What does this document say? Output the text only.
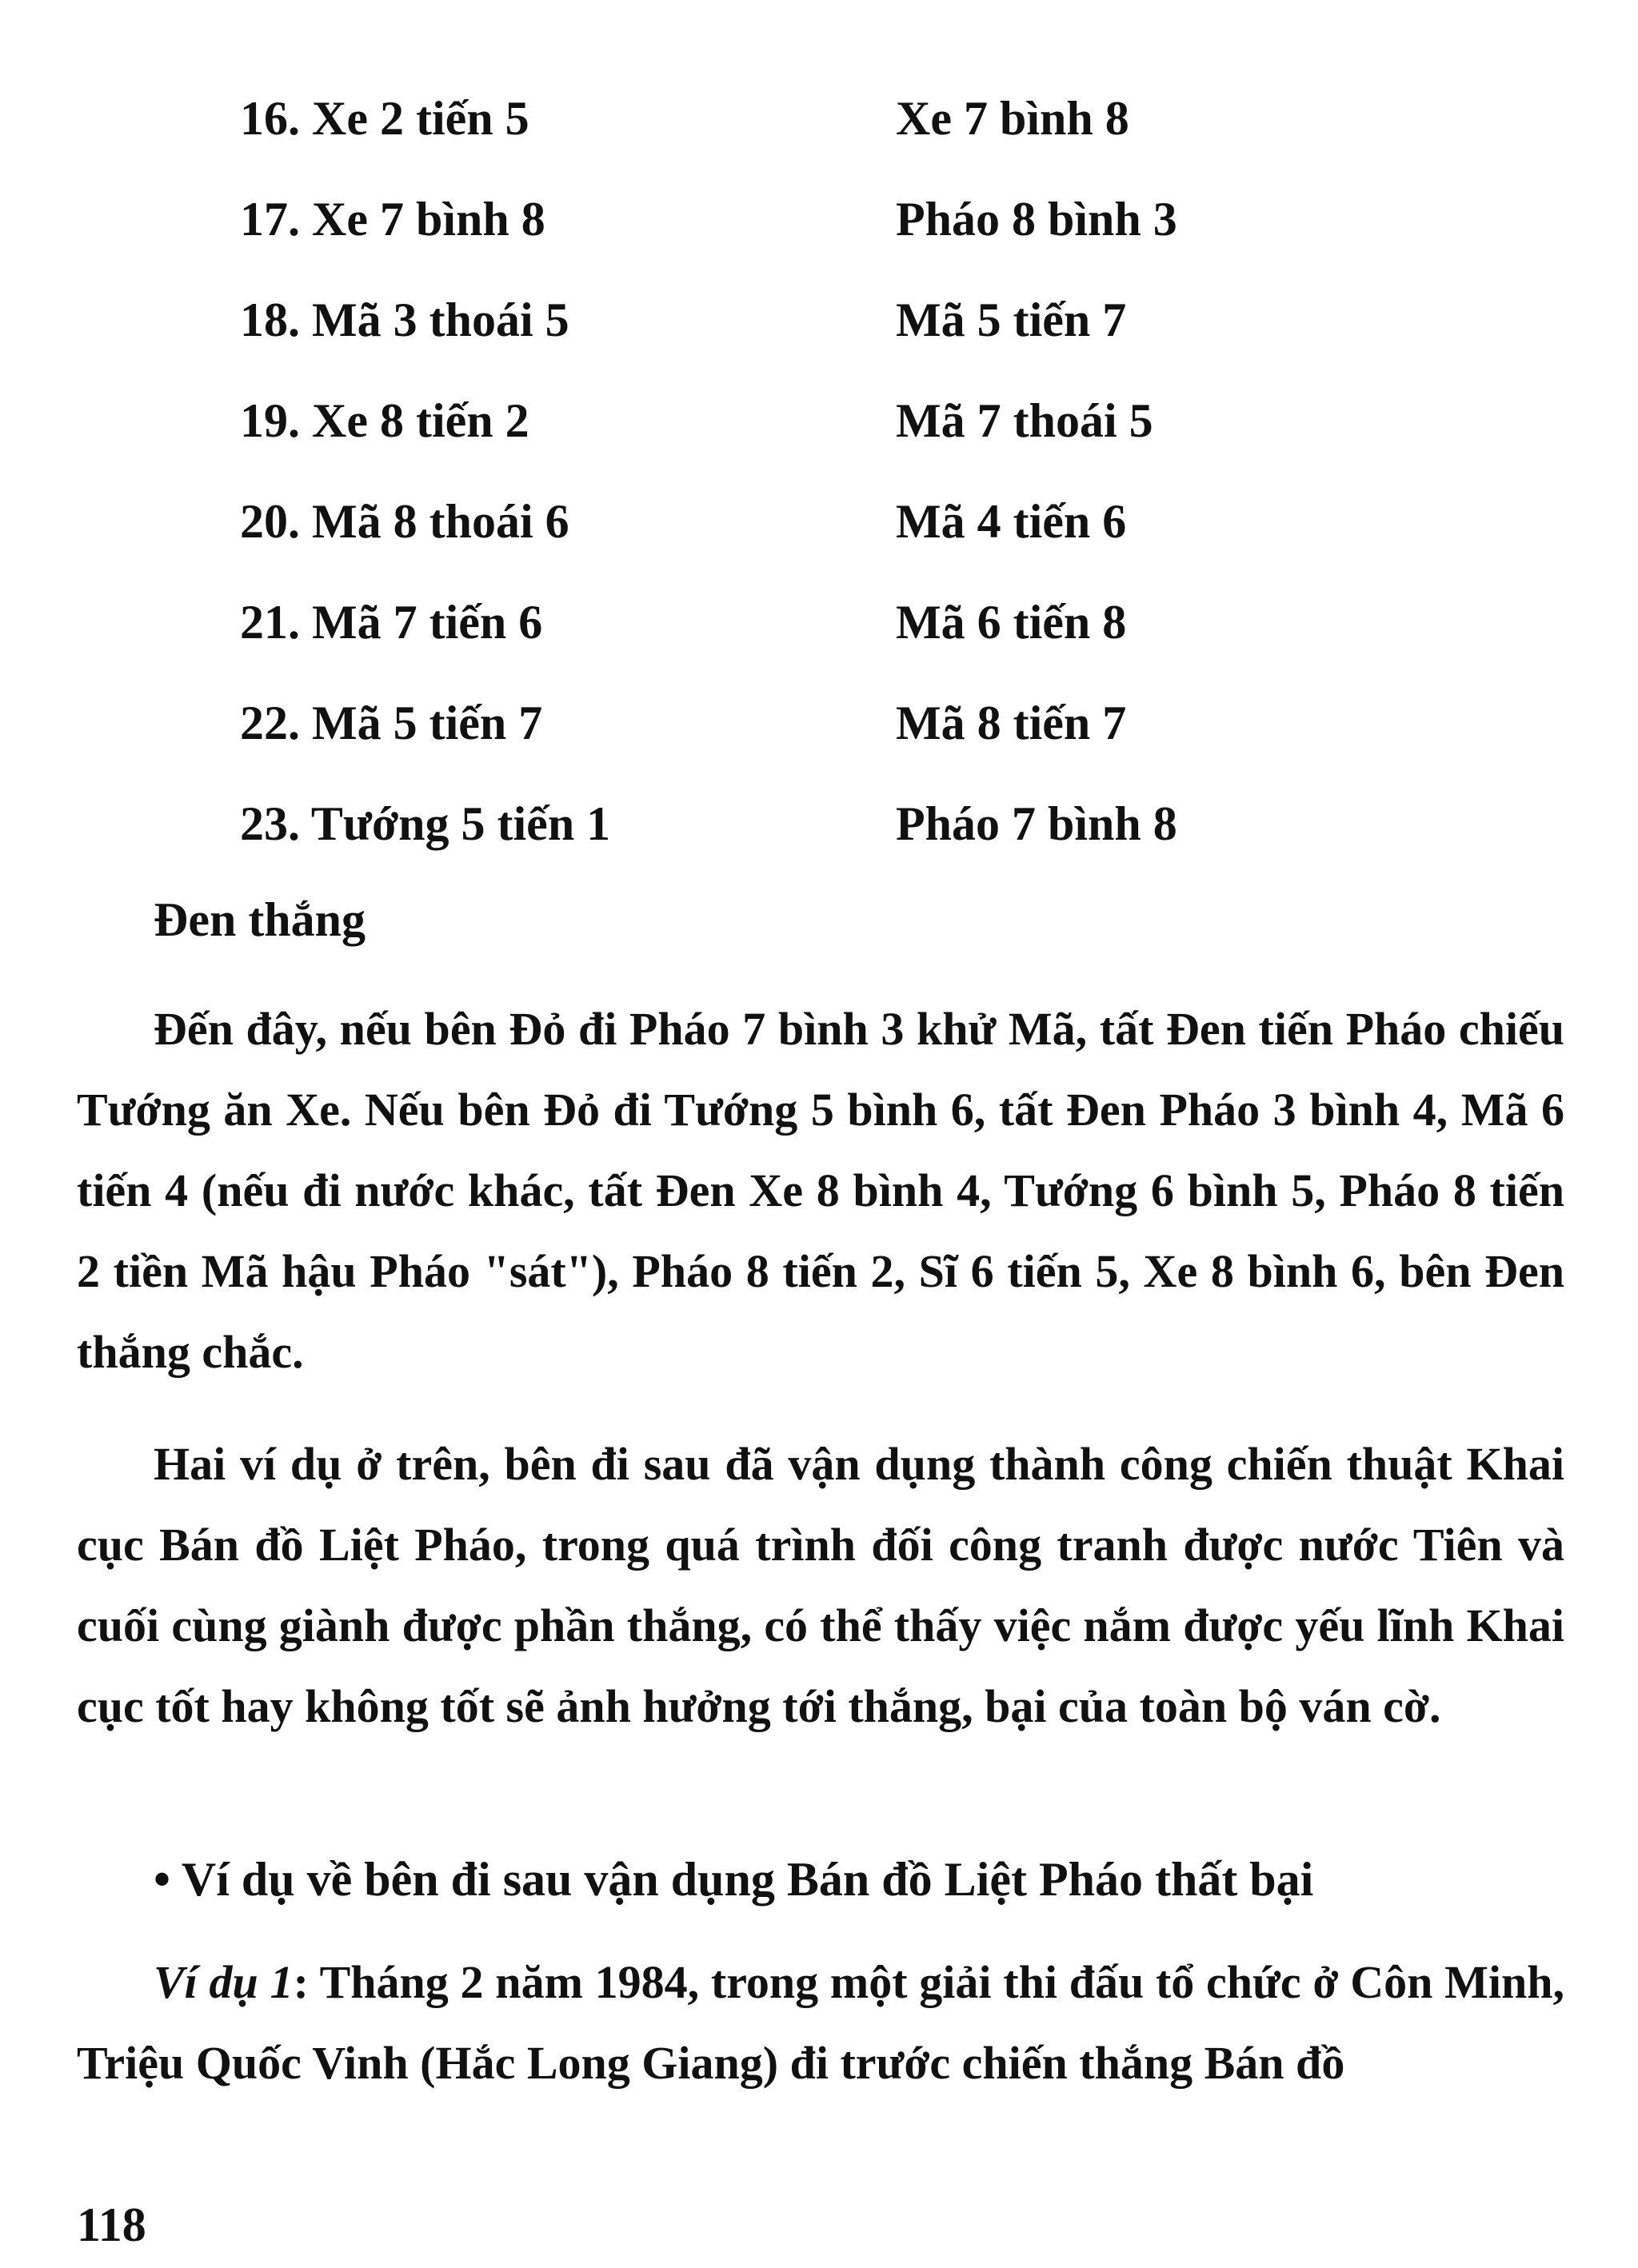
16. Xe 2 tiến 5	Xe 7 bình 8
17. Xe 7 bình 8	Pháo 8 bình 3
18. Mã 3 thoái 5	Mã 5 tiến 7
19. Xe 8 tiến 2	Mã 7 thoái 5
20. Mã 8 thoái 6	Mã 4 tiến 6
21. Mã 7 tiến 6	Mã 6 tiến 8
22. Mã 5 tiến 7	Mã 8 tiến 7
23. Tướng 5 tiến 1	Pháo 7 bình 8
Đen thắng

Đến đây, nếu bên Đỏ đi Pháo 7 bình 3 khử Mã, tất Đen tiến Pháo chiếu Tướng ăn Xe. Nếu bên Đỏ đi Tướng 5 bình 6, tất Đen Pháo 3 bình 4, Mã 6 tiến 4 (nếu đi nước khác, tất Đen Xe 8 bình 4, Tướng 6 bình 5, Pháo 8 tiến 2 tiền Mã hậu Pháo "sát"), Pháo 8 tiến 2, Sĩ 6 tiến 5, Xe 8 bình 6, bên Đen thắng chắc.

Hai ví dụ ở trên, bên đi sau đã vận dụng thành công chiến thuật Khai cục Bán đồ Liệt Pháo, trong quá trình đối công tranh được nước Tiên và cuối cùng giành được phần thắng, có thể thấy việc nắm được yếu lĩnh Khai cục tốt hay không tốt sẽ ảnh hưởng tới thắng, bại của toàn bộ ván cờ.

• Ví dụ về bên đi sau vận dụng Bán đồ Liệt Pháo thất bại

Ví dụ 1: Tháng 2 năm 1984, trong một giải thi đấu tổ chức ở Côn Minh, Triệu Quốc Vinh (Hắc Long Giang) đi trước chiến thắng Bán đồ

118
